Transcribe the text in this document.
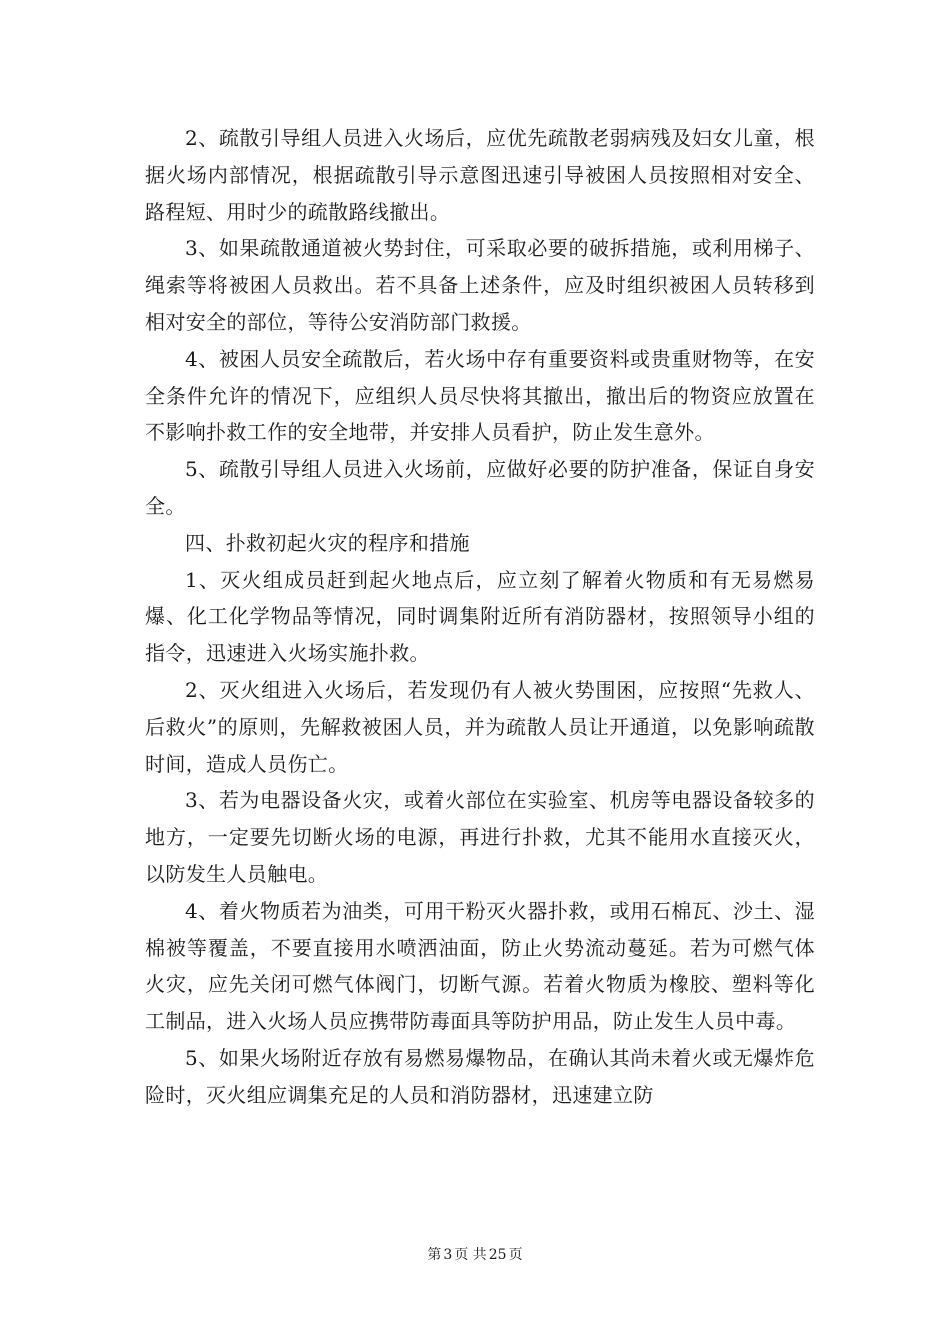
2、疏散引导组人员进入火场后，应优先疏散老弱病残及妇女儿童，根据火场内部情况，根据疏散引导示意图迅速引导被困人员按照相对安全、路程短、用时少的疏散路线撤出。

3、如果疏散通道被火势封住，可采取必要的破拆措施，或利用梯子、绳索等将被困人员救出。若不具备上述条件，应及时组织被困人员转移到相对安全的部位，等待公安消防部门救援。

4、被困人员安全疏散后，若火场中存有重要资料或贵重财物等，在安全条件允许的情况下，应组织人员尽快将其撤出，撤出后的物资应放置在不影响扑救工作的安全地带，并安排人员看护，防止发生意外。

5、疏散引导组人员进入火场前，应做好必要的防护准备，保证自身安全。

四、扑救初起火灾的程序和措施

1、灭火组成员赶到起火地点后，应立刻了解着火物质和有无易燃易爆、化工化学物品等情况，同时调集附近所有消防器材，按照领导小组的指令，迅速进入火场实施扑救。

2、灭火组进入火场后，若发现仍有人被火势围困，应按照“先救人、后救火”的原则，先解救被困人员，并为疏散人员让开通道，以免影响疏散时间，造成人员伤亡。

3、若为电器设备火灾，或着火部位在实验室、机房等电器设备较多的地方，一定要先切断火场的电源，再进行扑救，尤其不能用水直接灭火，以防发生人员触电。

4、着火物质若为油类，可用干粉灭火器扑救，或用石棉瓦、沙土、湿棉被等覆盖，不要直接用水喷洒油面，防止火势流动蔓延。若为可燃气体火灾，应先关闭可燃气体阀门，切断气源。若着火物质为橡胶、塑料等化工制品，进入火场人员应携带防毒面具等防护用品，防止发生人员中毒。

5、如果火场附近存放有易燃易爆物品，在确认其尚未着火或无爆炸危险时，灭火组应调集充足的人员和消防器材，迅速建立防

第 3 页 共 25 页
